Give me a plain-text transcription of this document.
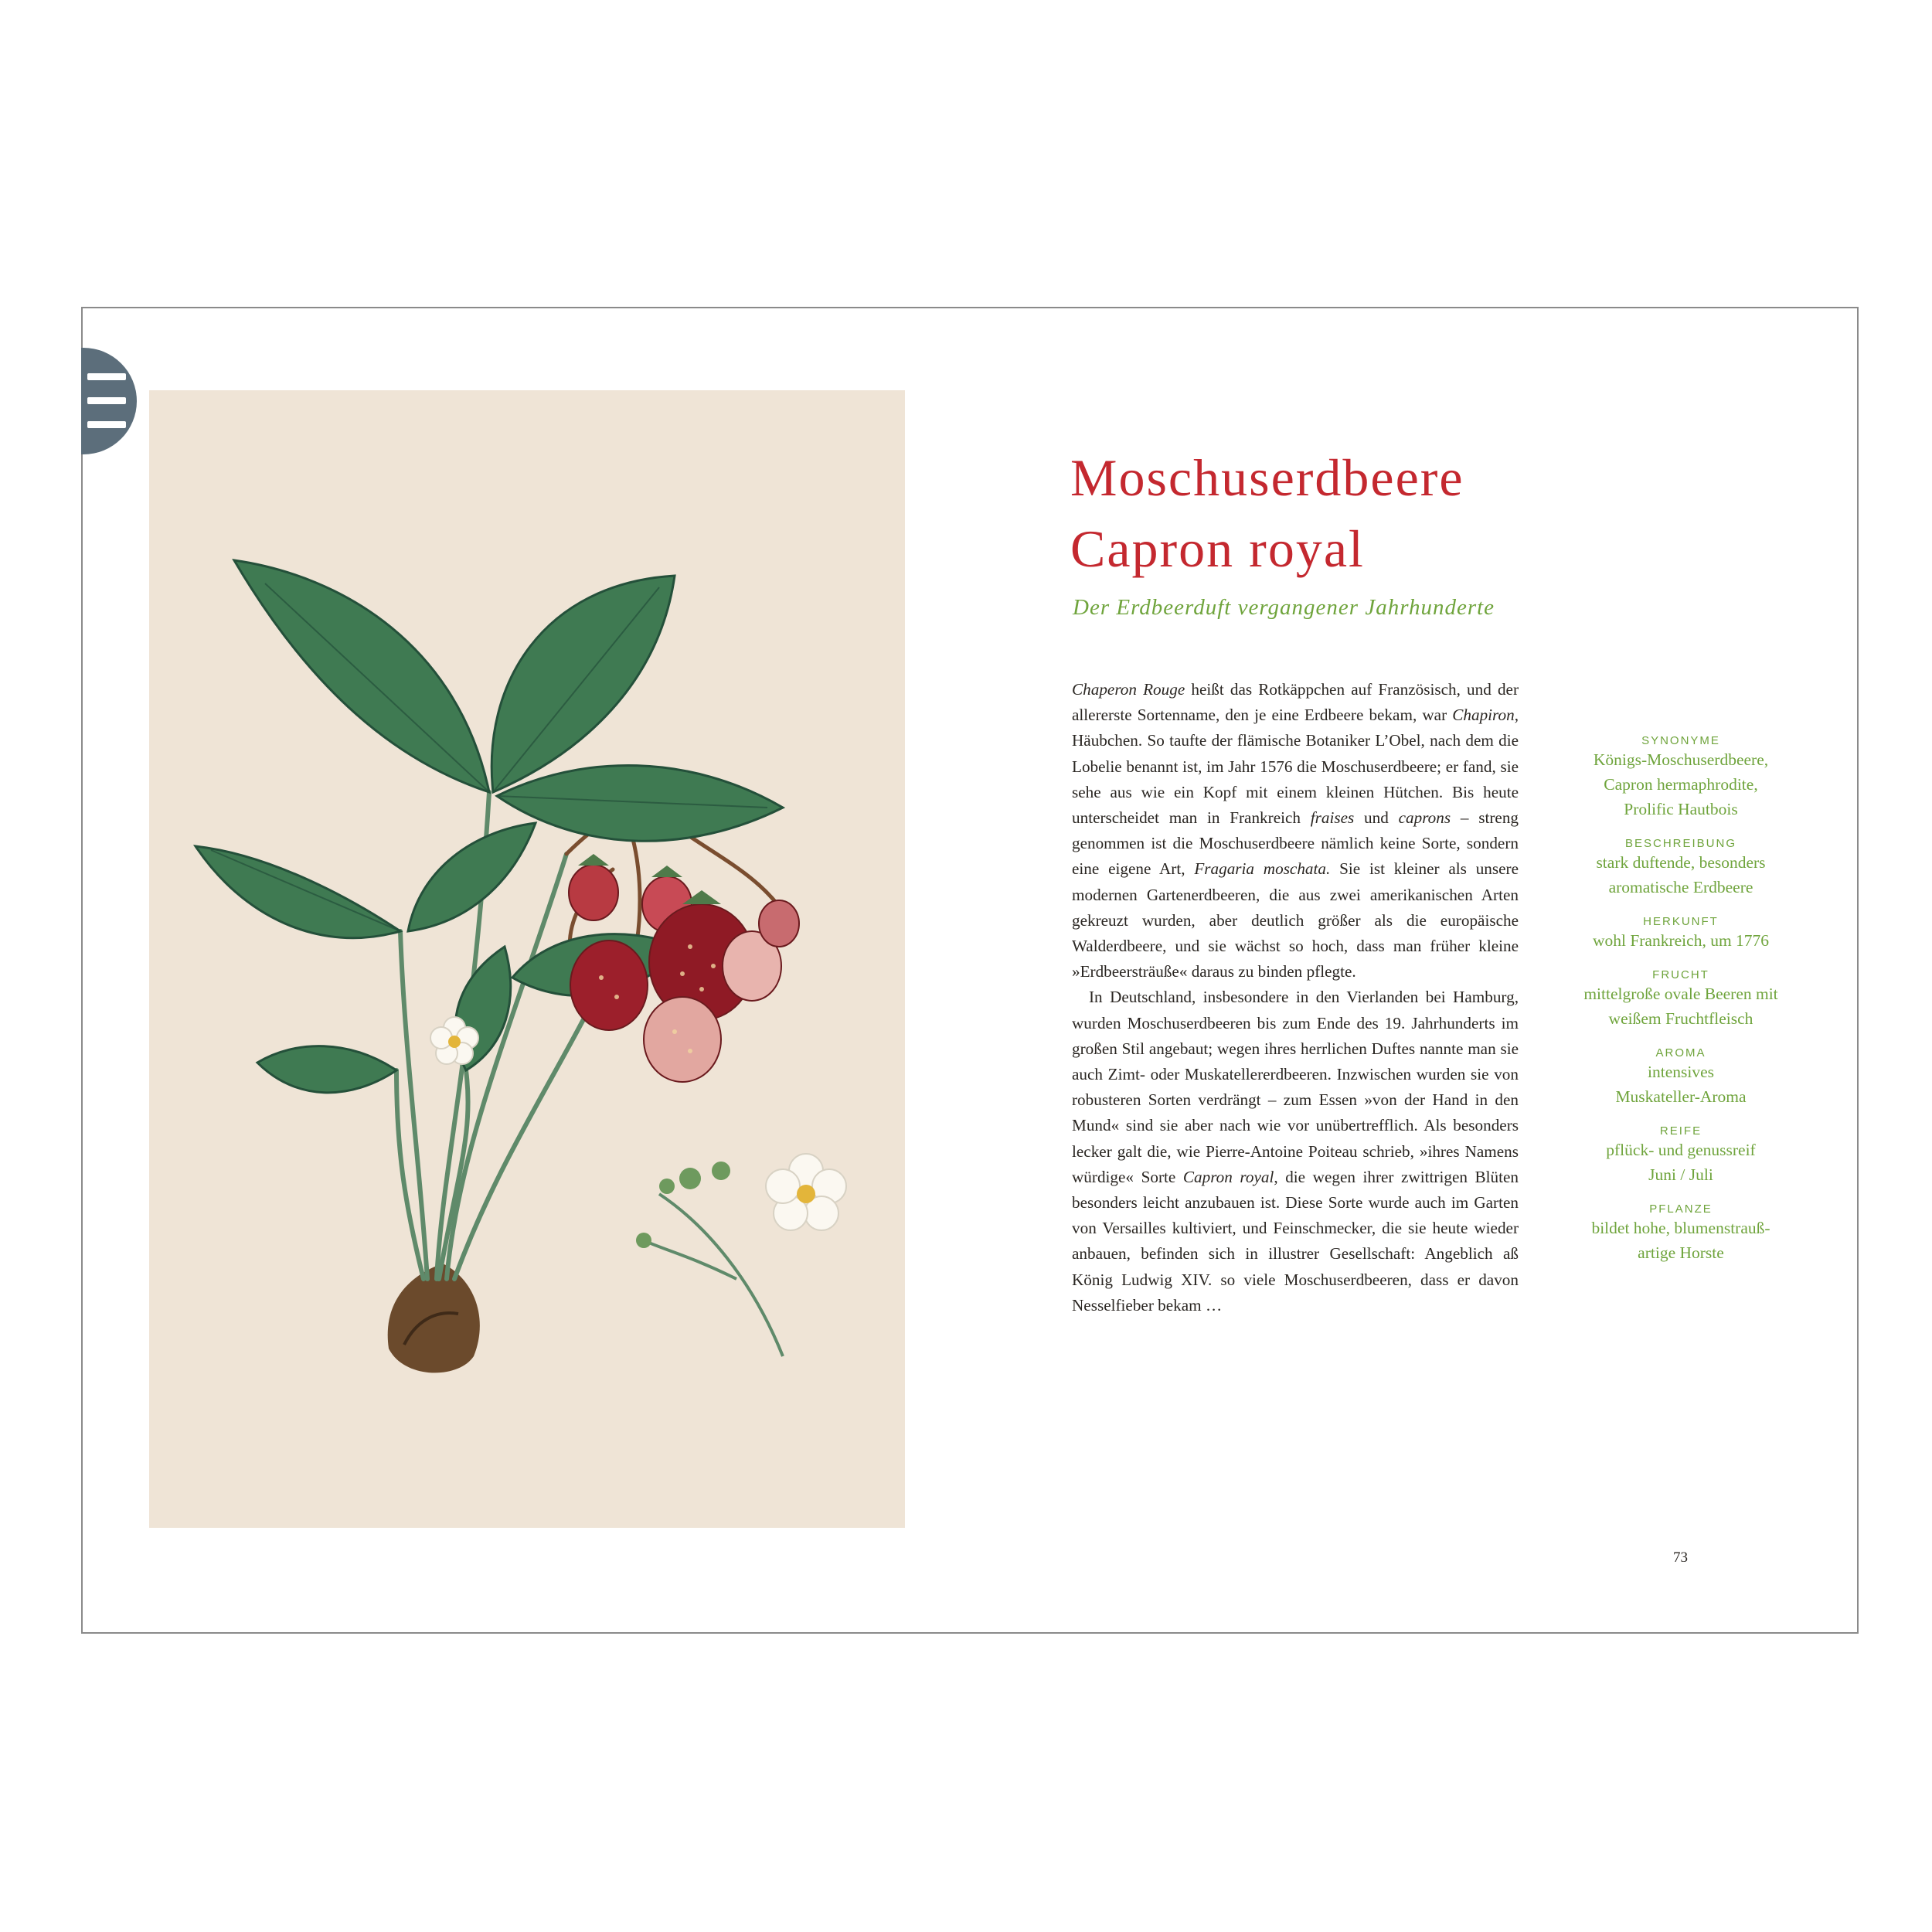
Moschuserdbeere
Capron royal

Der Erdbeerduft vergangener Jahrhunderte

Chaperon Rouge heißt das Rotkäppchen auf Französisch, und der allererste Sortenname, den je eine Erdbeere bekam, war Chapiron, Häubchen. So taufte der flämische Botaniker L’Obel, nach dem die Lobelie benannt ist, im Jahr 1576 die Moschuserdbeere; er fand, sie sehe aus wie ein Kopf mit einem kleinen Hütchen. Bis heute unterscheidet man in Frankreich fraises und caprons – streng genommen ist die Moschuserdbeere nämlich keine Sorte, sondern eine eigene Art, Fragaria moschata. Sie ist kleiner als unsere modernen Gartenerdbeeren, die aus zwei amerikanischen Arten gekreuzt wurden, aber deutlich größer als die europäische Walderdbeere, und sie wächst so hoch, dass man früher kleine »Erdbeersträuße« daraus zu binden pflegte.

In Deutschland, insbesondere in den Vierlanden bei Hamburg, wurden Moschuserdbeeren bis zum Ende des 19. Jahrhunderts im großen Stil angebaut; wegen ihres herrlichen Duftes nannte man sie auch Zimt- oder Muskatellererdbeeren. Inzwischen wurden sie von robusteren Sorten verdrängt – zum Essen »von der Hand in den Mund« sind sie aber nach wie vor unübertrefflich. Als besonders lecker galt die, wie Pierre-Antoine Poiteau schrieb, »ihres Namens würdige« Sorte Capron royal, die wegen ihrer zwittrigen Blüten besonders leicht anzubauen ist. Diese Sorte wurde auch im Garten von Versailles kultiviert, und Feinschmecker, die sie heute wieder anbauen, befinden sich in illustrer Gesellschaft: Angeblich aß König Ludwig XIV. so viele Moschuserdbeeren, dass er davon Nesselfieber bekam …

SYNONYME
Königs-Moschuserdbeere,
Capron hermaphrodite,
Prolific Hautbois
BESCHREIBUNG
stark duftende, besonders
aromatische Erdbeere
HERKUNFT
wohl Frankreich, um 1776
FRUCHT
mittelgroße ovale Beeren mit
weißem Fruchtfleisch
AROMA
intensives
Muskateller-Aroma
REIFE
pflück- und genussreif
Juni / Juli
PFLANZE
bildet hohe, blumenstrauß-
artige Horste
73
